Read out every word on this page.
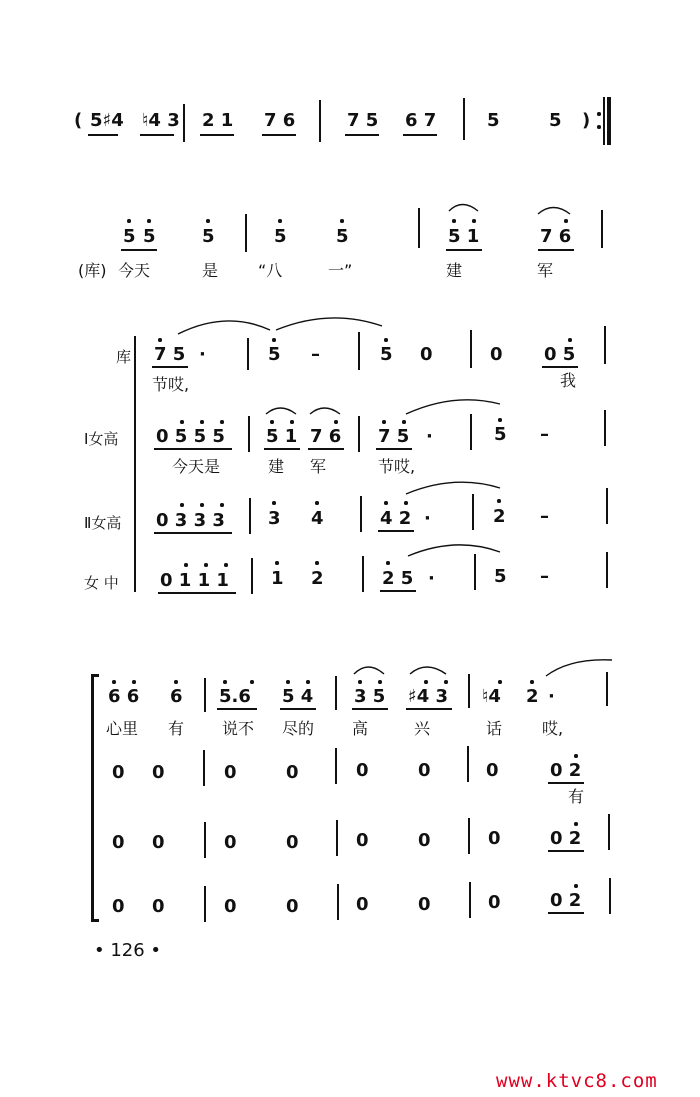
( 5♯4 ♮4 3 2 1 7 6	7 5 6 7	5	5 )
5 5	5	5	5	5 1	7 6
(库) 今天	是 “八	一”	建	军
库
Ⅰ女高
Ⅱ女高
女 中
7 5 ·	5 –	5 0	0 0 5
节哎,	我
0 5 5 5 5 1 7 6 7 5 ·	5 –
今天是	建 军	节哎,
0 3 3 3 3 4	4 2 ·	2 –
0 1 1 1 1 2	2 5 ·	5 –
6 6 6 5.6 5 4 3 5 ♯4 3 ♮4 2 ·
心里 有 说不 尽的 高	兴	话 哎,
0 0	0	0	0	0	0	0 2
有
0 0	0	0	0	0	0	0 2
0 0	0	0	0	0	0	0 2
• 126 •
www.ktvc8.com
